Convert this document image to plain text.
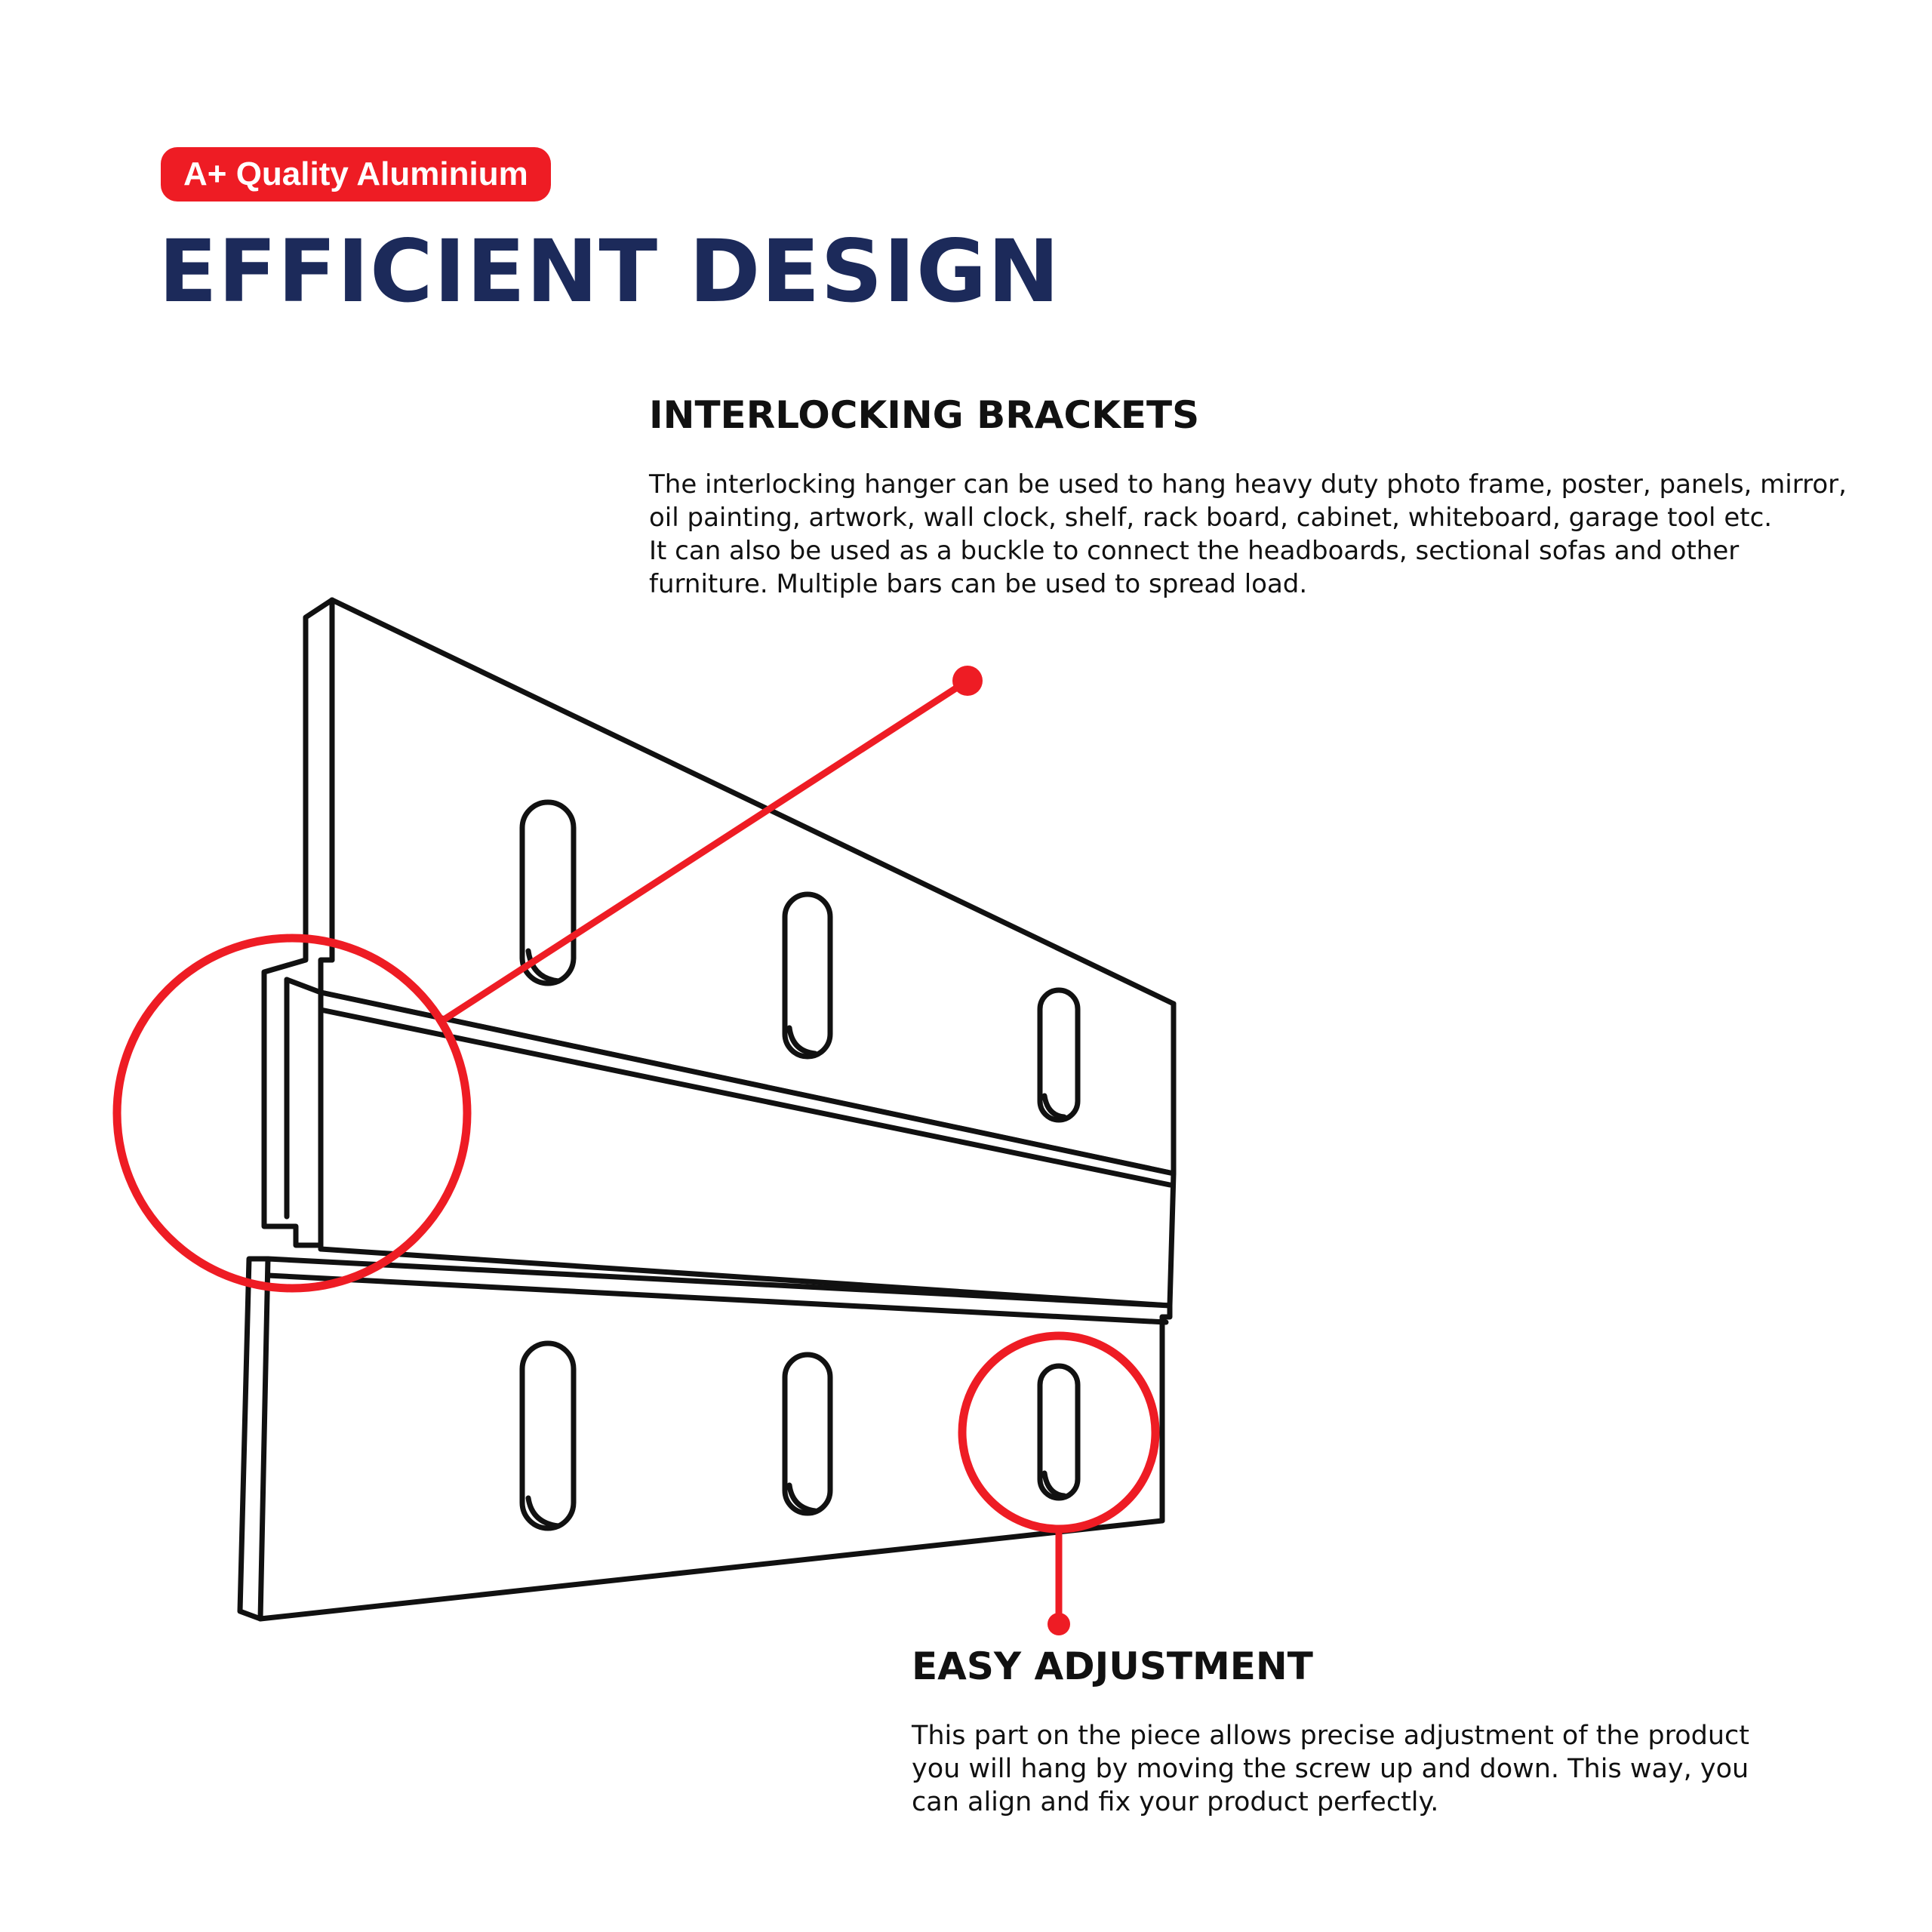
A+ Quality Aluminium
EFFICIENT DESIGN
INTERLOCKING BRACKETS
The interlocking hanger can be used to hang heavy duty photo frame, poster, panels, mirror,
oil painting, artwork, wall clock, shelf, rack board, cabinet, whiteboard, garage tool etc.
It can also be used as a buckle to connect the headboards, sectional sofas and other
furniture. Multiple bars can be used to spread load.
EASY ADJUSTMENT
This part on the piece allows precise adjustment of the product
you will hang by moving the screw up and down. This way, you
can align and fix your product perfectly.
